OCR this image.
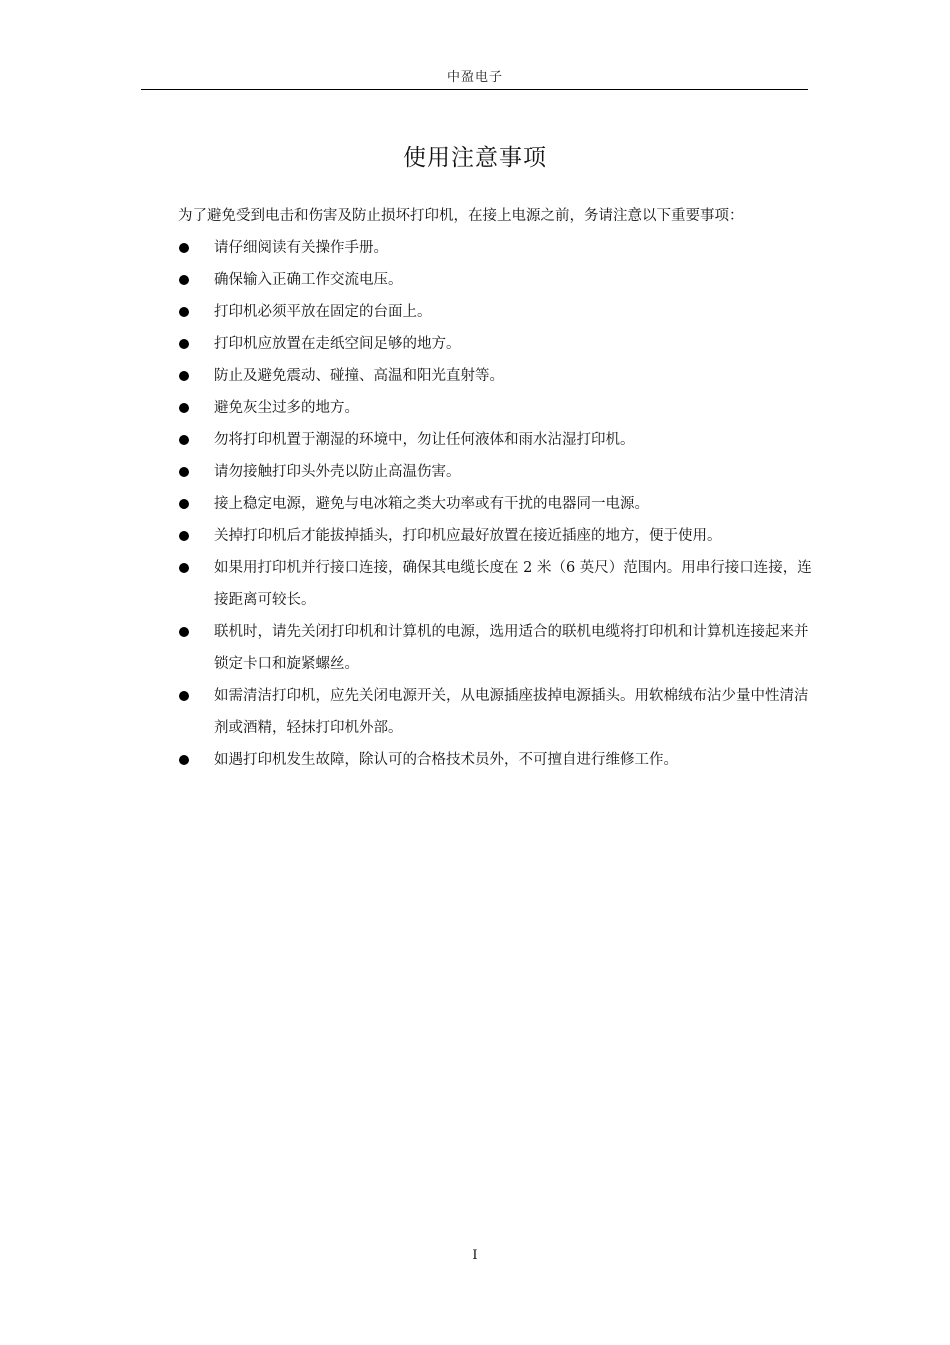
中盈电子
使用注意事项
为了避免受到电击和伤害及防止损坏打印机，在接上电源之前，务请注意以下重要事项：
请仔细阅读有关操作手册。
确保输入正确工作交流电压。
打印机必须平放在固定的台面上。
打印机应放置在走纸空间足够的地方。
防止及避免震动、碰撞、高温和阳光直射等。
避免灰尘过多的地方。
勿将打印机置于潮湿的环境中，勿让任何液体和雨水沾湿打印机。
请勿接触打印头外壳以防止高温伤害。
接上稳定电源，避免与电冰箱之类大功率或有干扰的电器同一电源。
关掉打印机后才能拔掉插头，打印机应最好放置在接近插座的地方，便于使用。
如果用打印机并行接口连接，确保其电缆长度在 2 米（6 英尺）范围内。用串行接口连接，连接距离可较长。
联机时，请先关闭打印机和计算机的电源，选用适合的联机电缆将打印机和计算机连接起来并锁定卡口和旋紧螺丝。
如需清洁打印机，应先关闭电源开关，从电源插座拔掉电源插头。用软棉绒布沾少量中性清洁剂或酒精，轻抹打印机外部。
如遇打印机发生故障，除认可的合格技术员外，不可擅自进行维修工作。
I
